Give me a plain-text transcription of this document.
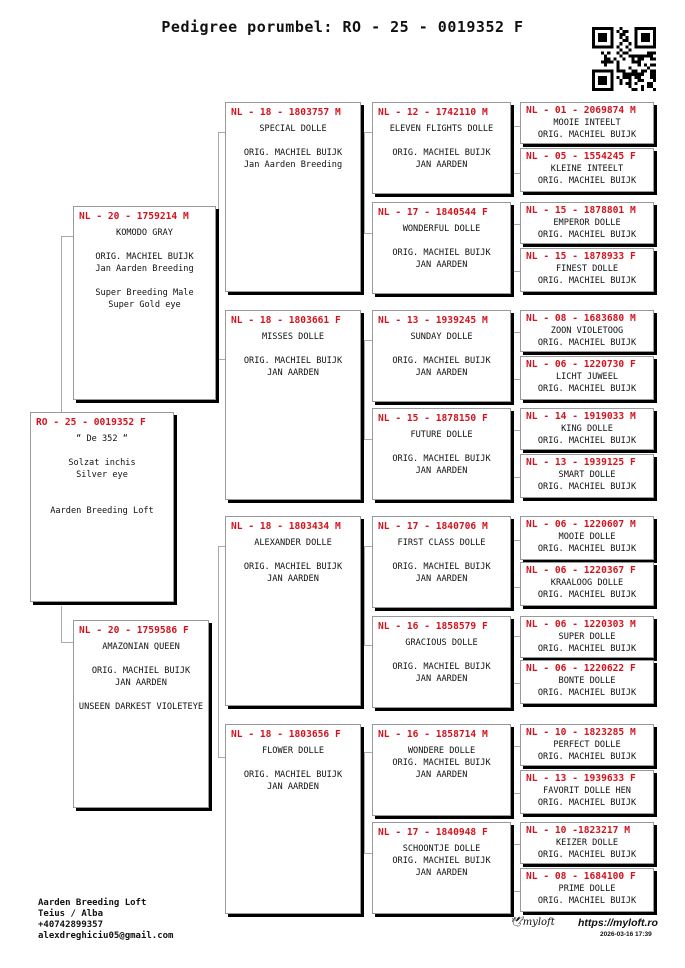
Pedigree porumbel: RO - 25 - 0019352 F
RO - 25 - 0019352 F
“ De 352 “
Solzat inchis
Silver eye
Aarden Breeding Loft
NL - 20 - 1759214 M
KOMODO GRAY
ORIG. MACHIEL BUIJK
Jan Aarden Breeding
Super Breeding Male
Super Gold eye
NL - 20 - 1759586 F
AMAZONIAN QUEEN
ORIG. MACHIEL BUIJK
JAN AARDEN
UNSEEN DARKEST VIOLETEYE
NL - 18 - 1803757 M
SPECIAL DOLLE
ORIG. MACHIEL BUIJK
Jan Aarden Breeding
NL - 18 - 1803661 F
MISSES DOLLE
ORIG. MACHIEL BUIJK
JAN AARDEN
NL - 18 - 1803434 M
ALEXANDER DOLLE
ORIG. MACHIEL BUIJK
JAN AARDEN
NL - 18 - 1803656 F
FLOWER DOLLE
ORIG. MACHIEL BUIJK
JAN AARDEN
NL - 12 - 1742110 M
ELEVEN FLIGHTS DOLLE
ORIG. MACHIEL BUIJK
JAN AARDEN
NL - 17 - 1840544 F
WONDERFUL DOLLE
ORIG. MACHIEL BUIJK
JAN AARDEN
NL - 13 - 1939245 M
SUNDAY DOLLE
ORIG. MACHIEL BUIJK
JAN AARDEN
NL - 15 - 1878150 F
FUTURE DOLLE
ORIG. MACHIEL BUIJK
JAN AARDEN
NL - 17 - 1840706 M
FIRST CLASS DOLLE
ORIG. MACHIEL BUIJK
JAN AARDEN
NL - 16 - 1858579 F
GRACIOUS DOLLE
ORIG. MACHIEL BUIJK
JAN AARDEN
NL - 16 - 1858714 M
WONDERE DOLLE
ORIG. MACHIEL BUIJK
JAN AARDEN
NL - 17 - 1840948 F
SCHOONTJE DOLLE
ORIG. MACHIEL BUIJK
JAN AARDEN
NL - 01 - 2069874 M
MOOIE INTEELT
ORIG. MACHIEL BUIJK
NL - 05 - 1554245 F
KLEINE INTEELT
ORIG. MACHIEL BUIJK
NL - 15 - 1878801 M
EMPEROR DOLLE
ORIG. MACHIEL BUIJK
NL - 15 - 1878933 F
FINEST DOLLE
ORIG. MACHIEL BUIJK
NL - 08 - 1683680 M
ZOON VIOLETOOG
ORIG. MACHIEL BUIJK
NL - 06 - 1220730 F
LICHT JUWEEL
ORIG. MACHIEL BUIJK
NL - 14 - 1919033 M
KING DOLLE
ORIG. MACHIEL BUIJK
NL - 13 - 1939125 F
SMART DOLLE
ORIG. MACHIEL BUIJK
NL - 06 - 1220607 M
MOOIE DOLLE
ORIG. MACHIEL BUIJK
NL - 06 - 1220367 F
KRAALOOG DOLLE
ORIG. MACHIEL BUIJK
NL - 06 - 1220303 M
SUPER DOLLE
ORIG. MACHIEL BUIJK
NL - 06 - 1220622 F
BONTE DOLLE
ORIG. MACHIEL BUIJK
NL - 10 - 1823285 M
PERFECT DOLLE
ORIG. MACHIEL BUIJK
NL - 13 - 1939633 F
FAVORIT DOLLE HEN
ORIG. MACHIEL BUIJK
NL - 10 -1823217 M
KEIZER DOLLE
ORIG. MACHIEL BUIJK
NL - 08 - 1684100 F
PRIME DOLLE
ORIG. MACHIEL BUIJK
Aarden Breeding Loft
Teius / Alba
+40742899357
alexdreghiciu05@gmail.com
🕊myloft https://myloft.ro
2026-03-16 17:39
